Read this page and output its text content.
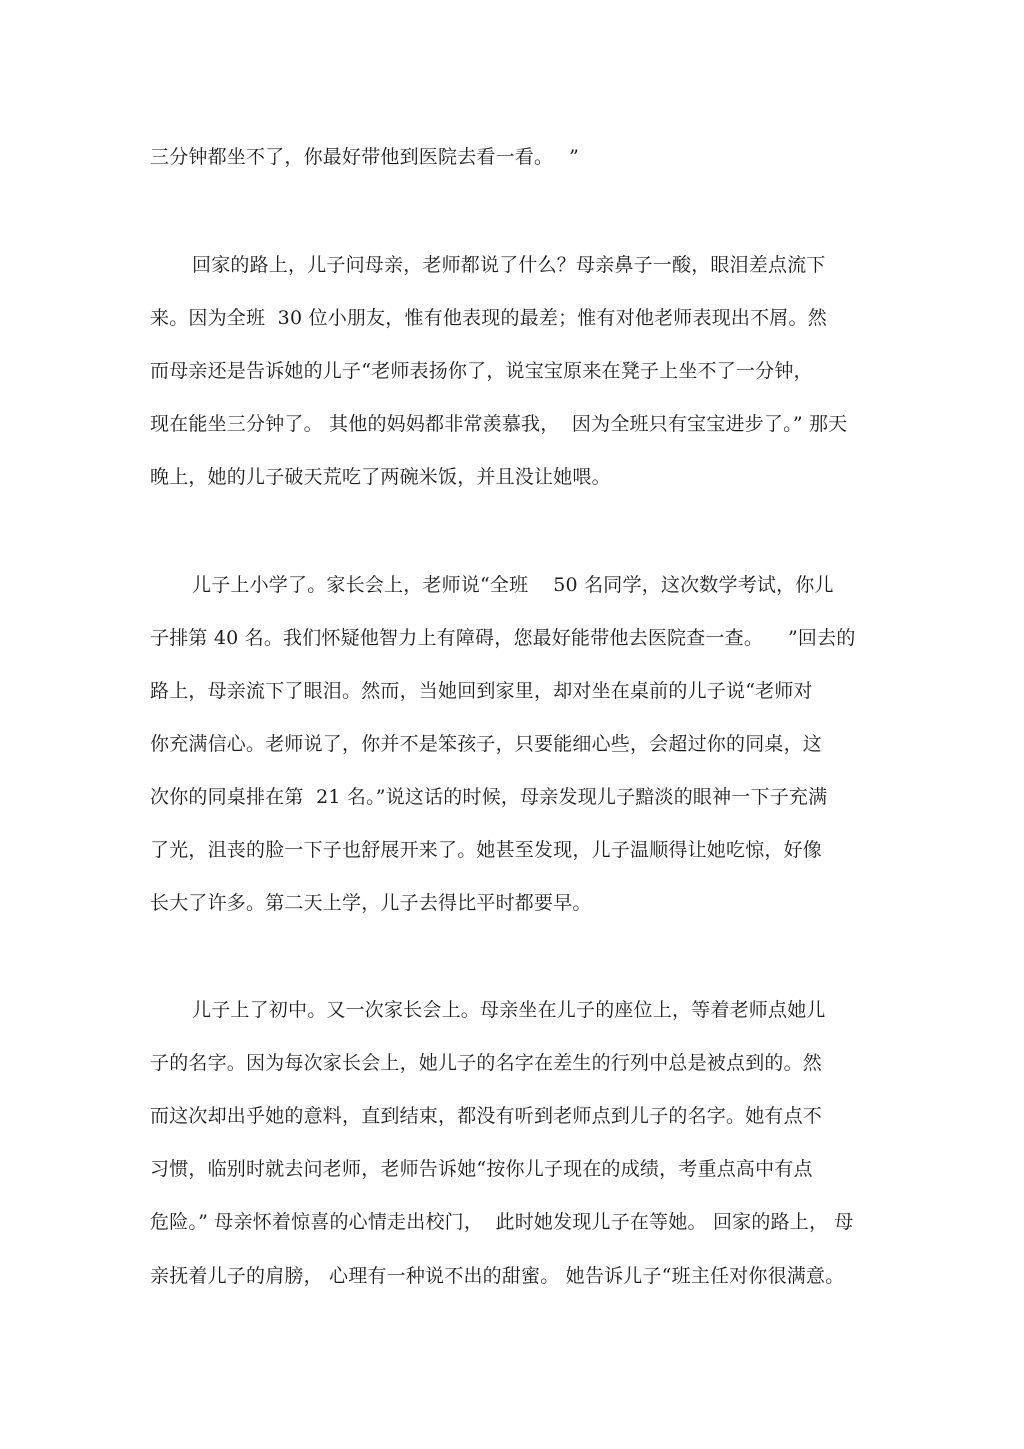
三分钟都坐不了，你最好带他到医院去看一看。　 ”
回家的路上，儿子问母亲，老师都说了什么？母亲鼻子一酸，眼泪差点流下
来。因为全班  30 位小朋友，惟有他表现的最差；惟有对他老师表现出不屑。然
而母亲还是告诉她的儿子“老师表扬你了，说宝宝原来在凳子上坐不了一分钟，
现在能坐三分钟了。 其他的妈妈都非常羡慕我，  因为全班只有宝宝进步了。” 那天
晚上，她的儿子破天荒吃了两碗米饭，并且没让她喂。
儿子上小学了。家长会上，老师说“全班    50 名同学，这次数学考试，你儿
子排第 40 名。我们怀疑他智力上有障碍，您最好能带他去医院查一查。    ”回去的
路上，母亲流下了眼泪。然而，当她回到家里，却对坐在桌前的儿子说“老师对
你充满信心。老师说了，你并不是笨孩子，只要能细心些，会超过你的同桌，这
次你的同桌排在第  21 名。”说这话的时候，母亲发现儿子黯淡的眼神一下子充满
了光，沮丧的脸一下子也舒展开来了。她甚至发现，儿子温顺得让她吃惊，好像
长大了许多。第二天上学，儿子去得比平时都要早。
儿子上了初中。又一次家长会上。母亲坐在儿子的座位上，等着老师点她儿
子的名字。因为每次家长会上，她儿子的名字在差生的行列中总是被点到的。然
而这次却出乎她的意料，直到结束，都没有听到老师点到儿子的名字。她有点不
习惯，临别时就去问老师，老师告诉她“按你儿子现在的成绩，考重点高中有点
危险。” 母亲怀着惊喜的心情走出校门，  此时她发现儿子在等她。 回家的路上， 母
亲抚着儿子的肩膀， 心理有一种说不出的甜蜜。 她告诉儿子“班主任对你很满意。
